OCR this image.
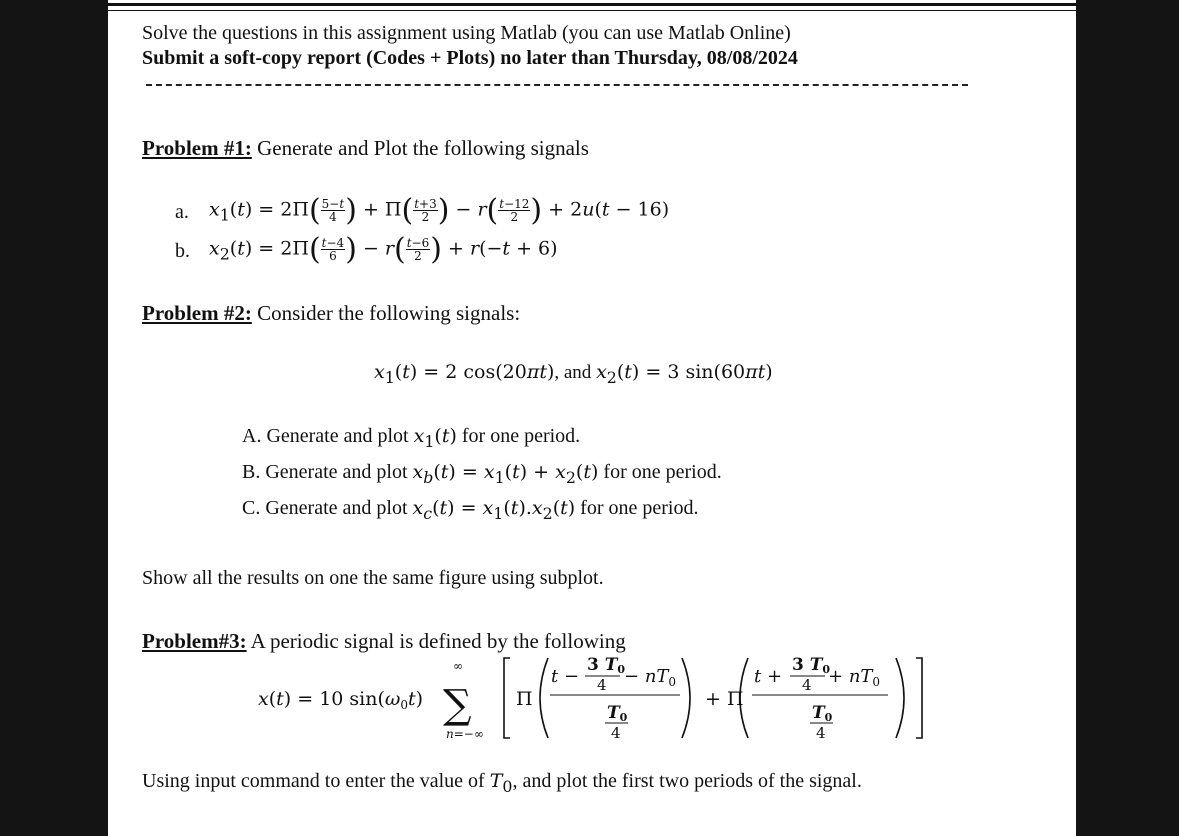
Solve the questions in this assignment using Matlab (you can use Matlab Online)
Submit a soft-copy report (Codes + Plots) no later than Thursday, 08/08/2024
Problem #1: Generate and Plot the following signals
a. $x_1(t) = 2\Pi( \frac{5-t}{4}$ ) + $\Pi( \frac{t+3}{2}$ ) − $r( \frac{t-12}{2}$ ) + 2u(t − 16)
b. $x_2(t) = 2\Pi( \frac{t-4}{6}$ ) − $r( \frac{t-6}{2}$ ) + r(−t + 6)
Problem #2: Consider the following signals:
$x_1(t) = 2$ cos(20πt), and $x_2(t) = 3$ sin(60πt)
A. Generate and plot $x_1(t)$ for one period.
B. Generate and plot $x_b(t) = x_1(t) + x_2(t)$ for one period.
C. Generate and plot $x_c(t) = x_1(t).x_2(t)$ for one period.
Show all the results on one the same figure using subplot.
Problem#3: A periodic signal is defined by the following
x(t) = 10 $\sin(\omega_0t)$
∞
∑
n=−∞
Π
t −
3 T0
$4 - nT_0$
T0
4
+ Π
t +
3 T0
$4 + nT_0$
T0
4
Using input command to enter the value of $T_0$, and plot the first two periods of the signal.
